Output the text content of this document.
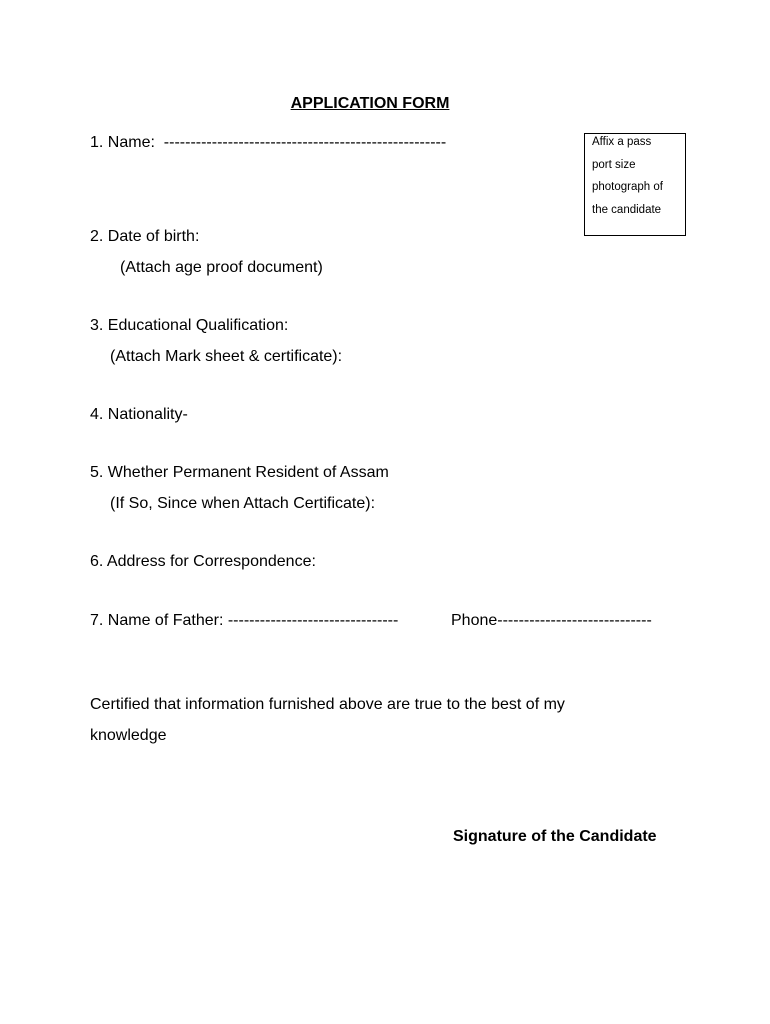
APPLICATION FORM
1. Name:  -----------------------------------------------------	Affix a pass
port size
photograph of
the candidate
2. Date of birth:
(Attach age proof document)
3. Educational Qualification:
(Attach Mark sheet & certificate):
4. Nationality-
5. Whether Permanent Resident of Assam
(If So, Since when Attach Certificate):
6. Address for Correspondence:
7. Name of Father: --------------------------------	Phone-----------------------------
Certified that information furnished above are true to the best of my
knowledge
Signature of the Candidate
